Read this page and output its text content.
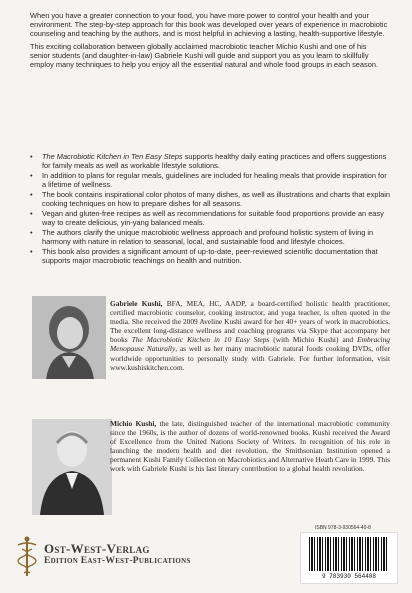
When you have a greater connection to your food, you have more power to control your health and your environment. The step-by-step approach for this book was developed over years of experience in macrobiotic counseling and teaching by the authors, and is most helpful in achieving a lasting, health-supportive lifestyle.

This exciting collaboration between globally acclaimed macrobiotic teacher Michio Kushi and one of his senior students (and daughter-in-law) Gabriele Kushi will guide and support you as you learn to skillfully employ many techniques to help you enjoy all the essential natural and whole food groups in each season.

• The Macrobiotic Kitchen in Ten Easy Steps supports healthy daily eating practices and offers suggestions for family meals as well as workable lifestyle solutions.
• In addition to plans for regular meals, guidelines are included for healing meals that provide inspiration for a lifetime of wellness.
• The book contains inspirational color photos of many dishes, as well as illustrations and charts that explain cooking techniques on how to prepare dishes for all seasons.
• Vegan and gluten-free recipes as well as recommendations for suitable food proportions provide an easy way to create delicious, yin-yang balanced meals.
• The authors clarify the unique macrobiotic wellness approach and profound holistic system of living in harmony with nature in relation to seasonal, local, and sustainable food and lifestyle choices.
• This book also provides a significant amount of up-to-date, peer-reviewed scientific documentation that supports major macrobiotic teachings on health and nutrition.
Gabriele Kushi, BFA, MEA, HC, AADP, a board-certified holistic health practitioner, certified macrobiotic counselor, cooking instructor, and yoga teacher, is often quoted in the media. She received the 2009 Aveline Kushi award for her 40+ years of work in macrobiotics. The excellent long-distance wellness and coaching programs via Skype that accompany her books The Macrobiotic Kitchen in 10 Easy Steps (with Michio Kushi) and Embracing Menopause Naturally, as well as her many macrobiotic natural foods cooking DVDs, offer worldwide opportunities to personally study with Gabriele. For further information, visit www.kushiskitchen.com.
Michio Kushi, the late, distinguished teacher of the international macrobiotic community since the 1960s, is the author of dozens of world-renowned books. Kushi received the Award of Excellence from the United Nations Society of Writers. In recognition of his role in launching the modern health and diet revolution, the Smithsonian Institution opened a permanent Kushi Family Collection on Macrobiotics and Alternative Heath Care in 1999. This work with Gabriele Kushi is his last literary contribution to a global health revolution.
ISBN 978-3-930564-40-8
9 783930 564408
Ost-West-Verlag
Edition East-West-Publications
